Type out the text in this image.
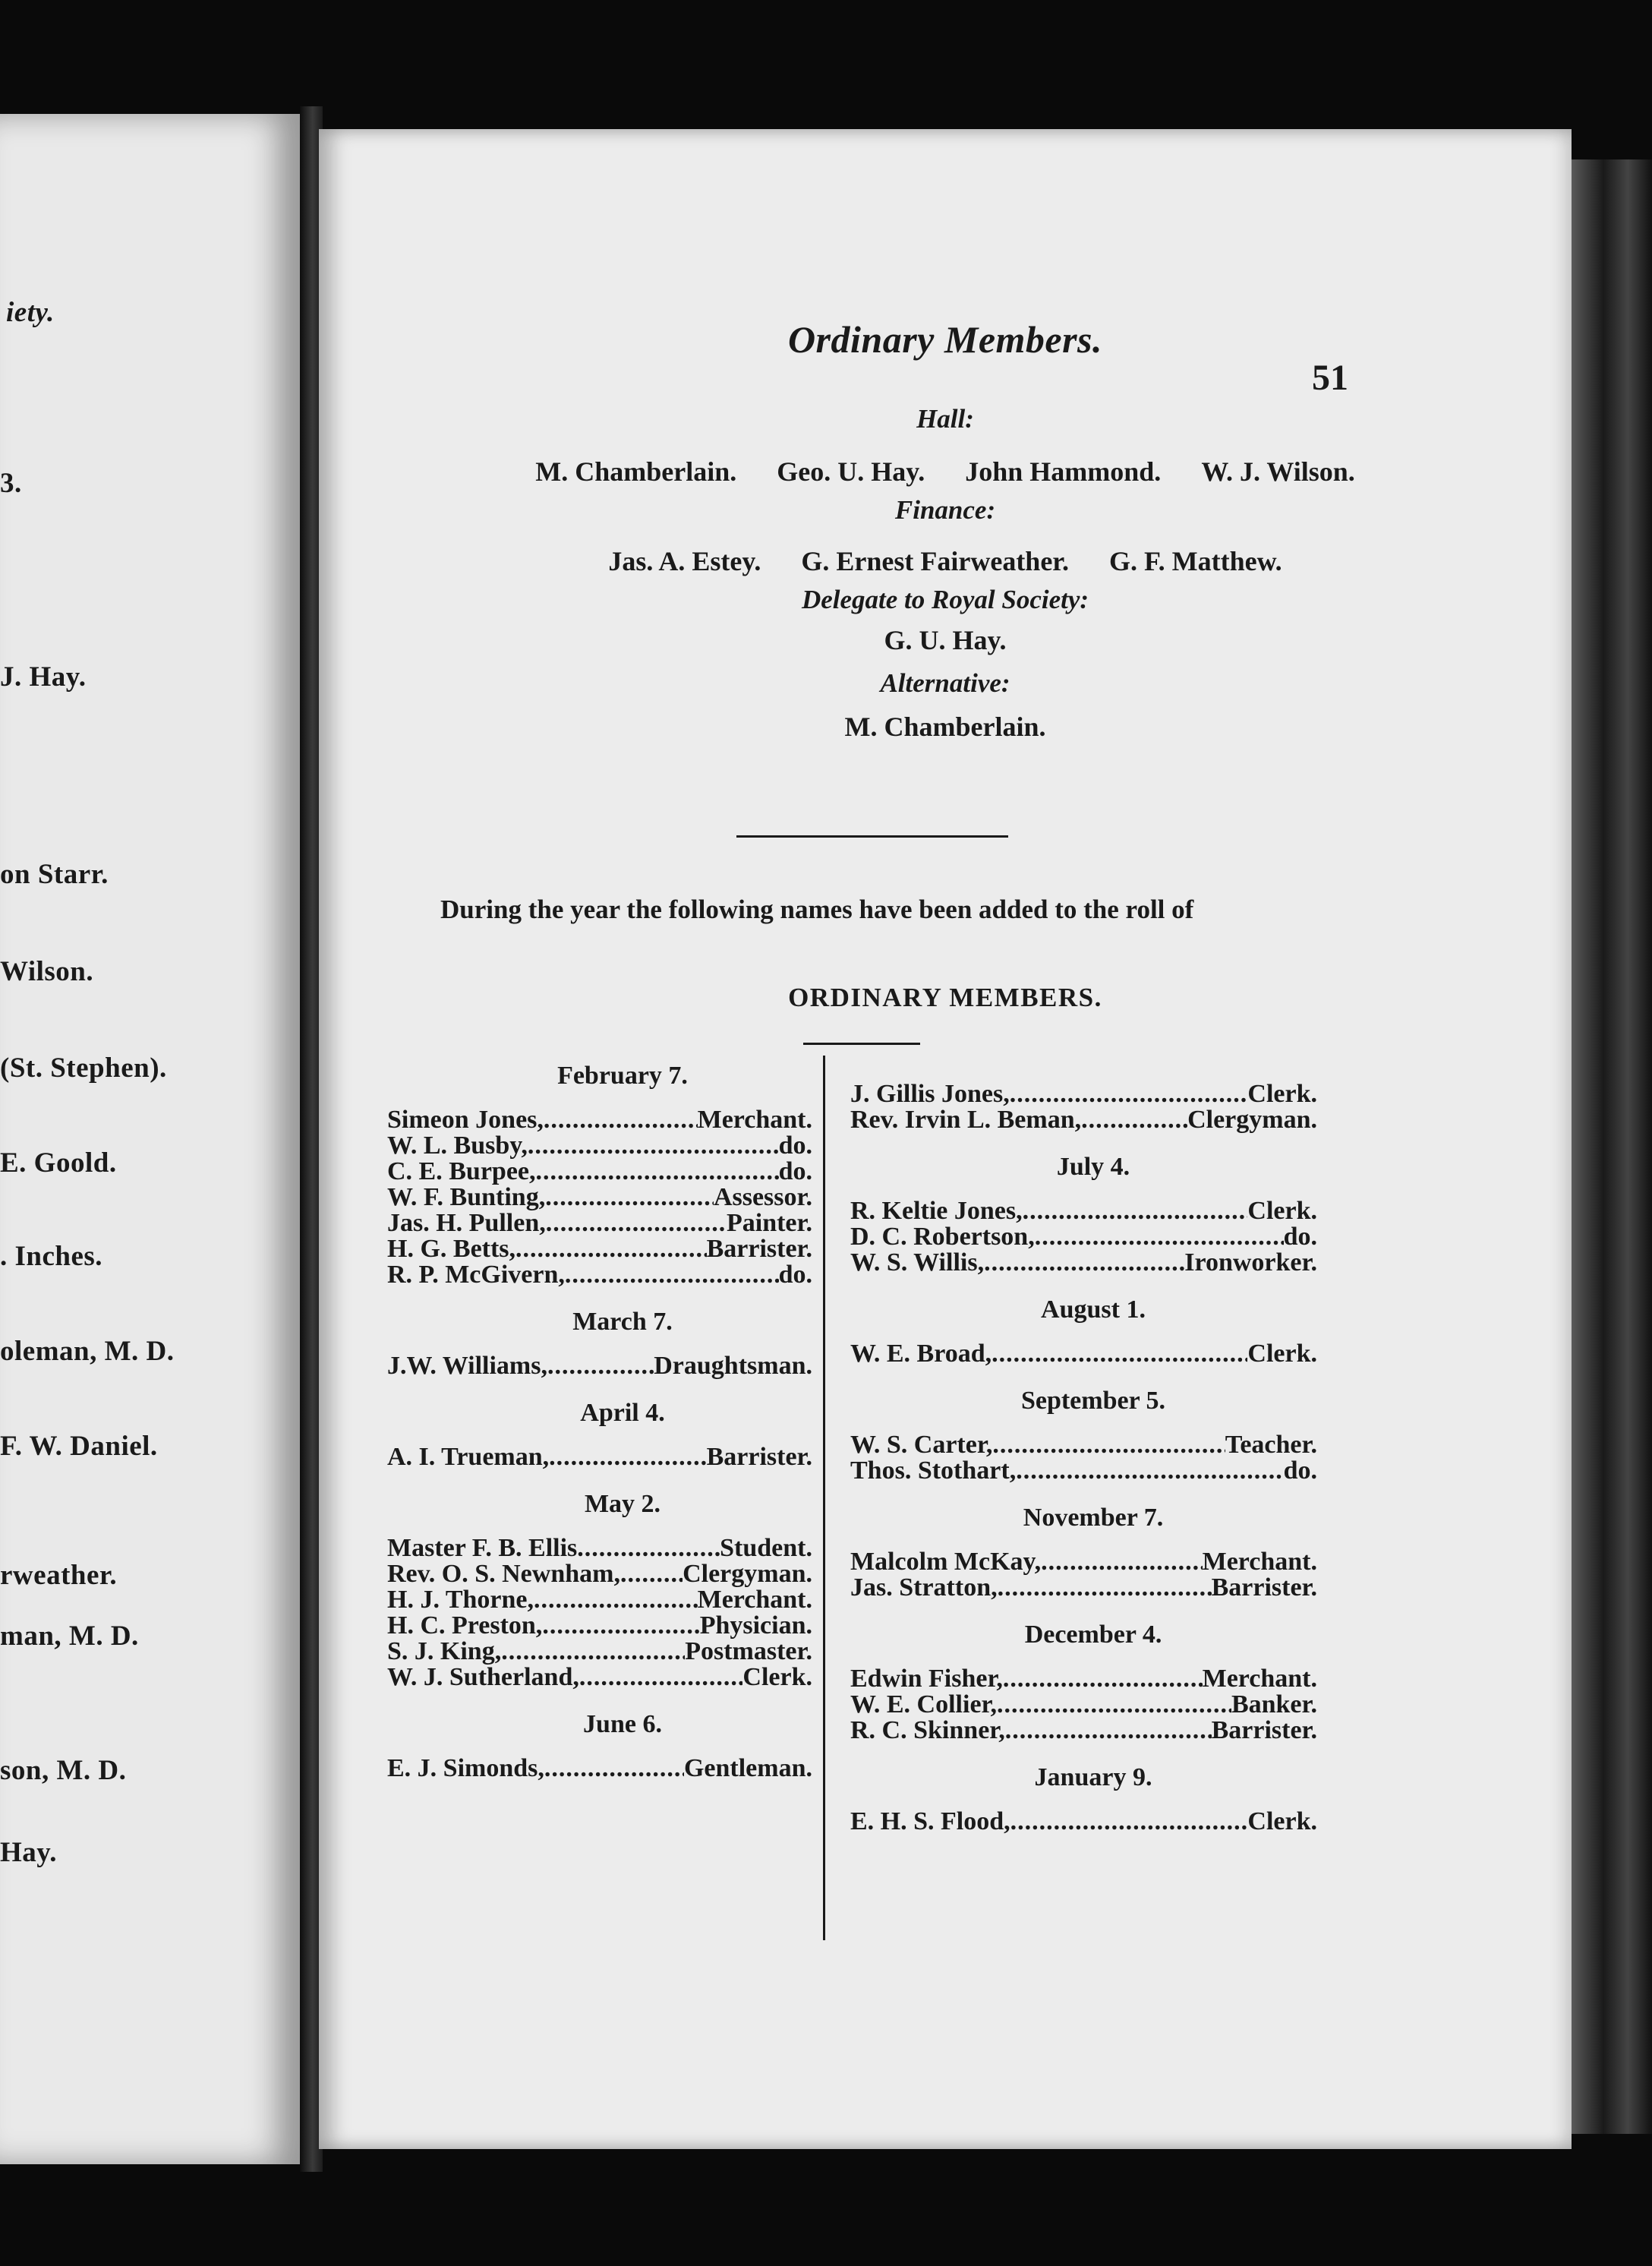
iety.
3.
J. Hay.
on Starr.
Wilson.
(St. Stephen).
E. Goold.
. Inches.
oleman, M. D.
F. W. Daniel.
rweather.
man, M. D.
son, M. D.
Hay.
51
Ordinary Members.
Hall:
M. Chamberlain. Geo. U. Hay. John Hammond. W. J. Wilson.
Finance:
Jas. A. Estey. G. Ernest Fairweather. G. F. Matthew.
Delegate to Royal Society:
G. U. Hay.
Alternative:
M. Chamberlain.
During the year the following names have been added to the roll of
ORDINARY MEMBERS.
February 7.
Simeon Jones, .....	Merchant.
W. L. Busby, .....	do.
C. E. Burpee, .....	do.
W. F. Bunting, .....	Assessor.
Jas. H. Pullen, .....	Painter.
H. G. Betts, .....	Barrister.
R. P. McGivern, .....	do.
March 7.
J.W. Williams, .....	Draughtsman.
April 4.
A. I. Trueman, .....	Barrister.
May 2.
Master F. B. Ellis .....	Student.
Rev. O. S. Newnham, ..... Clergyman.
H. J. Thorne, .....	Merchant.
H. C. Preston, .....	Physician.
S. J. King, .....	Postmaster.
W. J. Sutherland, .....	Clerk.
June 6.
E. J. Simonds, .....	Gentleman.
J. Gillis Jones, .....	Clerk.
Rev. Irvin L. Beman, .....	Clergyman.
July 4.
R. Keltie Jones, .....	Clerk.
D. C. Robertson, .....	do.
W. S. Willis, .....	Ironworker.
August 1.
W. E. Broad, .....	Clerk.
September 5.
W. S. Carter, .....	Teacher.
Thos. Stothart, .....	do.
November 7.
Malcolm McKay, .....	Merchant.
Jas. Stratton, .....	Barrister.
December 4.
Edwin Fisher, .....	Merchant.
W. E. Collier, .....	Banker.
R. C. Skinner, .....	Barrister.
January 9.
E. H. S. Flood, .....	Clerk.
